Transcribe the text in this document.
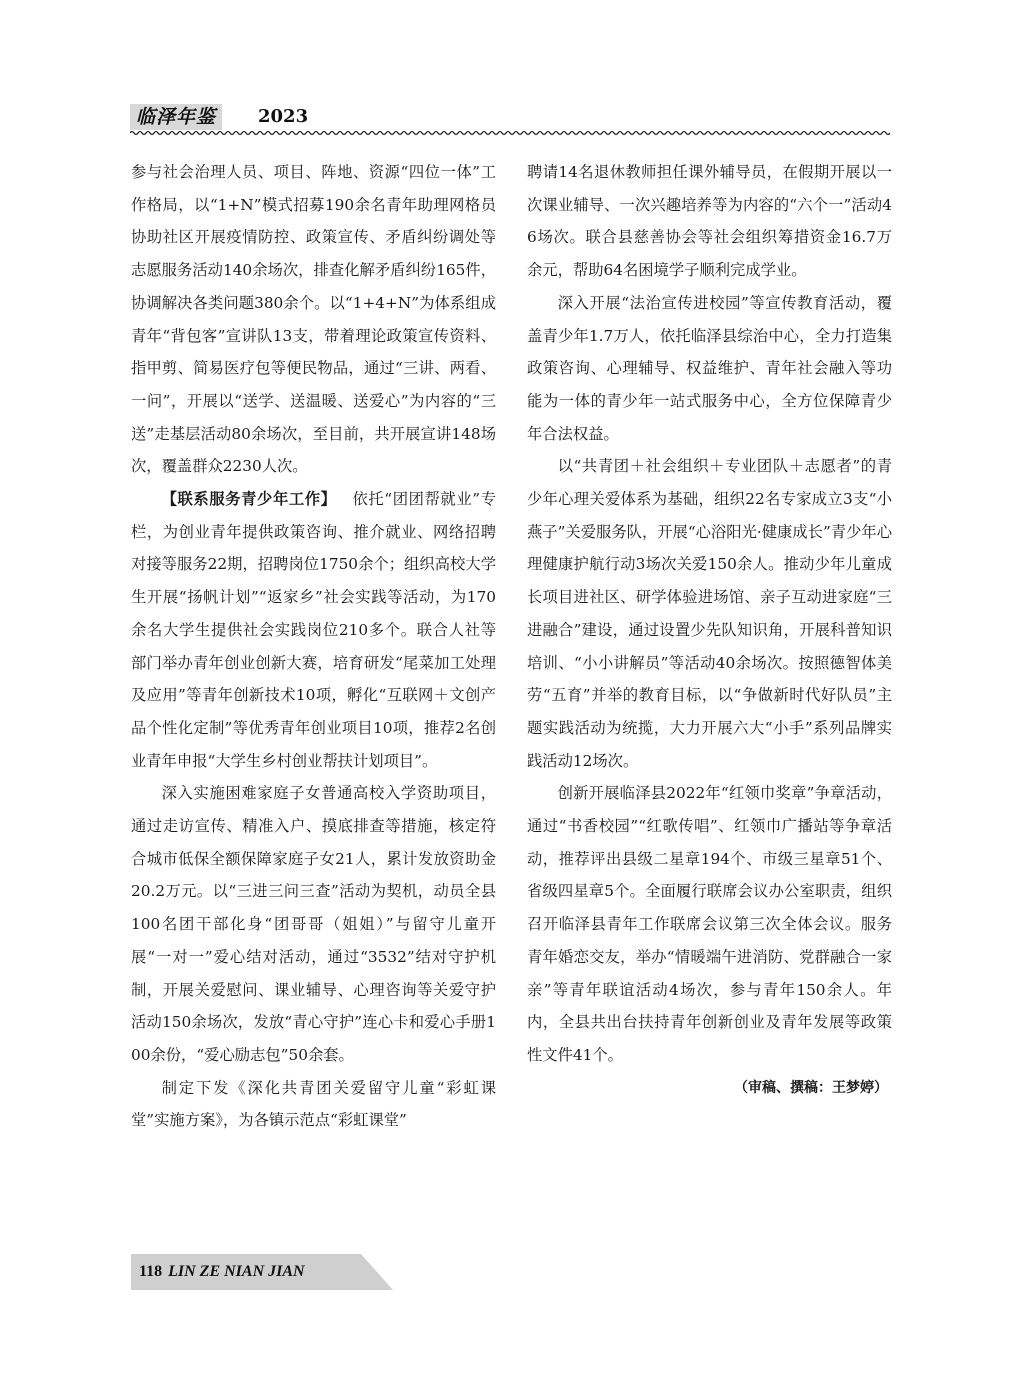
临泽年鉴	2023

参与社会治理人员、项目、阵地、资源“四位一体”工作格局，以“1+N”模式招募190余名青年助理网格员协助社区开展疫情防控、政策宣传、矛盾纠纷调处等志愿服务活动140余场次，排查化解矛盾纠纷165件，协调解决各类问题380余个。以“1+4+N”为体系组成青年“背包客”宣讲队13支，带着理论政策宣传资料、指甲剪、简易医疗包等便民物品，通过“三讲、两看、一问”，开展以“送学、送温暖、送爱心”为内容的“三送”走基层活动80余场次，至目前，共开展宣讲148场次，覆盖群众2230人次。

【联系服务青少年工作】  依托“团团帮就业”专栏，为创业青年提供政策咨询、推介就业、网络招聘对接等服务22期，招聘岗位1750余个；组织高校大学生开展“扬帆计划”“返家乡”社会实践等活动，为170余名大学生提供社会实践岗位210多个。联合人社等部门举办青年创业创新大赛，培育研发“尾菜加工处理及应用”等青年创新技术10项，孵化“互联网＋文创产品个性化定制”等优秀青年创业项目10项，推荐2名创业青年申报“大学生乡村创业帮扶计划项目”。

深入实施困难家庭子女普通高校入学资助项目，通过走访宣传、精准入户、摸底排查等措施，核定符合城市低保全额保障家庭子女21人，累计发放资助金20.2万元。以“三进三问三查”活动为契机，动员全县100名团干部化身“团哥哥（姐姐）”与留守儿童开展“一对一”爱心结对活动，通过“3532”结对守护机制，开展关爱慰问、课业辅导、心理咨询等关爱守护活动150余场次，发放“青心守护”连心卡和爱心手册100余份，“爱心励志包”50余套。

制定下发《深化共青团关爱留守儿童“彩虹课堂”实施方案》，为各镇示范点“彩虹课堂”

聘请14名退休教师担任课外辅导员，在假期开展以一次课业辅导、一次兴趣培养等为内容的“六个一”活动46场次。联合县慈善协会等社会组织筹措资金16.7万余元，帮助64名困境学子顺利完成学业。

深入开展“法治宣传进校园”等宣传教育活动，覆盖青少年1.7万人，依托临泽县综治中心，全力打造集政策咨询、心理辅导、权益维护、青年社会融入等功能为一体的青少年一站式服务中心，全方位保障青少年合法权益。

以“共青团＋社会组织＋专业团队＋志愿者”的青少年心理关爱体系为基础，组织22名专家成立3支“小燕子”关爱服务队，开展“心浴阳光·健康成长”青少年心理健康护航行动3场次关爱150余人。推动少年儿童成长项目进社区、研学体验进场馆、亲子互动进家庭“三进融合”建设，通过设置少先队知识角，开展科普知识培训、“小小讲解员”等活动40余场次。按照德智体美劳“五育”并举的教育目标，以“争做新时代好队员”主题实践活动为统揽，大力开展六大“小手”系列品牌实践活动12场次。

创新开展临泽县2022年“红领巾奖章”争章活动，通过“书香校园”“红歌传唱”、红领巾广播站等争章活动，推荐评出县级二星章194个、市级三星章51个、省级四星章5个。全面履行联席会议办公室职责，组织召开临泽县青年工作联席会议第三次全体会议。服务青年婚恋交友，举办“情暖端午进消防、党群融合一家亲”等青年联谊活动4场次，参与青年150余人。年内，全县共出台扶持青年创新创业及青年发展等政策性文件41个。

（审稿、撰稿：王梦婷）

118 LIN ZE NIAN JIAN
